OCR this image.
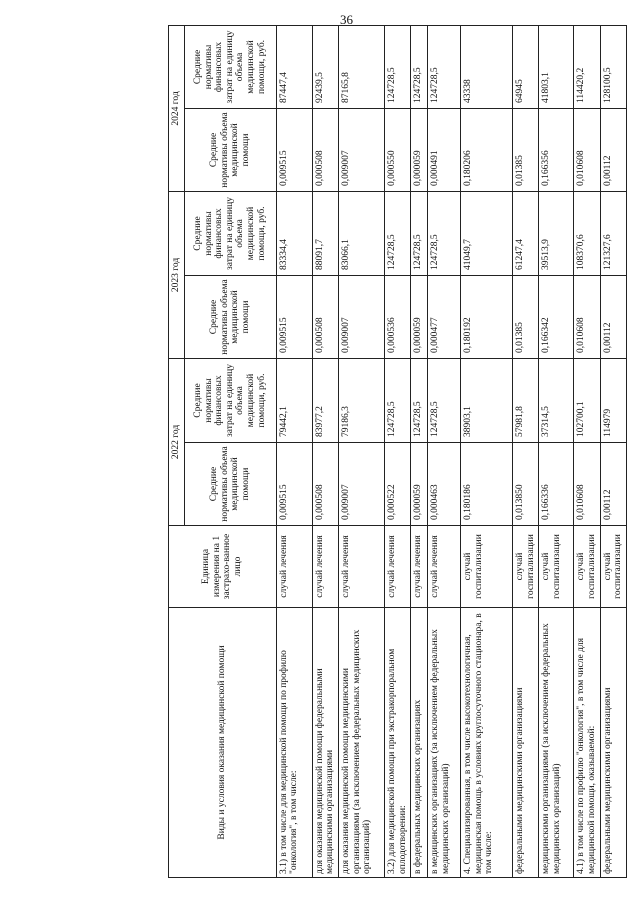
36
Виды и условия оказания медицинской помощи	Единица измерения на 1 застрахо-ванное лицо	2022 год		2023 год		2024 год	
		Средние нормативы объема медицинской помощи	Средние нормативы финансовых затрат на единицу объема медицинской помощи, руб.	Средние нормативы объема медицинской помощи	Средние нормативы финансовых затрат на единицу объема медицинской помощи, руб.	Средние нормативы объема медицинской помощи	Средние нормативы финансовых затрат на единицу объема медицинской помощи, руб.
3.1) в том числе для медицинской помощи по профилю "онкология", в том числе:	случай лечения	0,009515	79442,1	0,009515	83334,4	0,009515	87447,4
для оказания медицинской помощи федеральными медицинскими организациями	случай лечения	0,000508	83977,2	0,000508	88091,7	0,000508	92439,5
для оказания медицинской помощи медицинскими организациями (за исключением федеральных медицинских организаций)	случай лечения	0,009007	79186,3	0,009007	83066,1	0,009007	87165,8
3.2) для медицинской помощи при экстракорпоральном оплодотворении:	случай лечения	0,000522	124728,5	0,000536	124728,5	0,000550	124728,5
в федеральных медицинских организациях	случай лечения	0,000059	124728,5	0,000059	124728,5	0,000059	124728,5
в медицинских организациях (за исключением федеральных медицинских организаций)	случай лечения	0,000463	124728,5	0,000477	124728,5	0,000491	124728,5
4. Специализированная, в том числе высокотехнологичная, медицинская помощь в условиях круглосуточного стационара, в том числе:	случай госпитализации	0,180186	38903,1	0,180192	41049,7	0,180206	43338
федеральными медицинскими организациями	случай госпитализации	0,013850	57981,8	0,01385	61247,4	0,01385	64945
медицинскими организациями (за исключением федеральных медицинских организаций)	случай госпитализации	0,166336	37314,5	0,166342	39513,9	0,166356	41803,1
4.1) в том числе по профилю "онкология", в том числе для медицинской помощи, оказываемой:	случай госпитализации	0,010608	102700,1	0,010608	108370,6	0,010608	114420,2
федеральными медицинскими организациями	случай госпитализации	0,00112	114979	0,00112	121327,6	0,00112	128100,5
